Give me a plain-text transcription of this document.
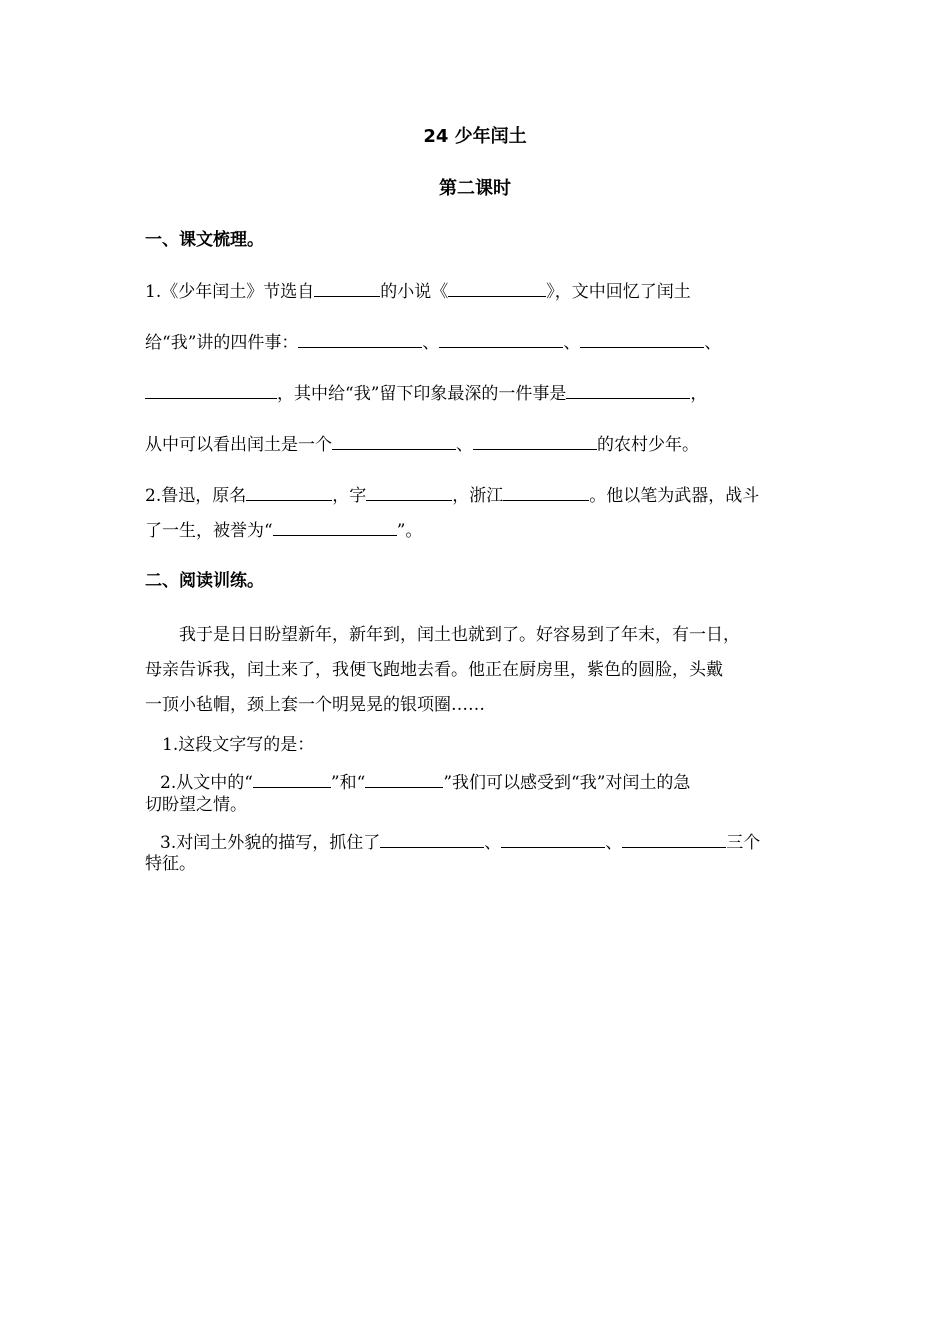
24 少年闰土
第二课时
一、课文梳理。
1.《少年闰土》节选自	的小说《	》，文中回忆了闰土
给“我”讲的四件事：	、	、	、
，其中给“我”留下印象最深的一件事是	，
从中可以看出闰土是一个	、	的农村少年。
2.鲁迅，原名	，字	，浙江	。他以笔为武器，战斗
了一生，被誉为“	”。
二、阅读训练。
我于是日日盼望新年，新年到，闰土也就到了。好容易到了年末，有一日，
母亲告诉我，闰土来了，我便飞跑地去看。他正在厨房里，紫色的圆脸，头戴
一顶小毡帽，颈上套一个明晃晃的银项圈……
1.这段文字写的是：
2.从文中的“	”和“	”我们可以感受到“我”对闰土的急
切盼望之情。
3.对闰土外貌的描写，抓住了	、	、	三个
特征。
